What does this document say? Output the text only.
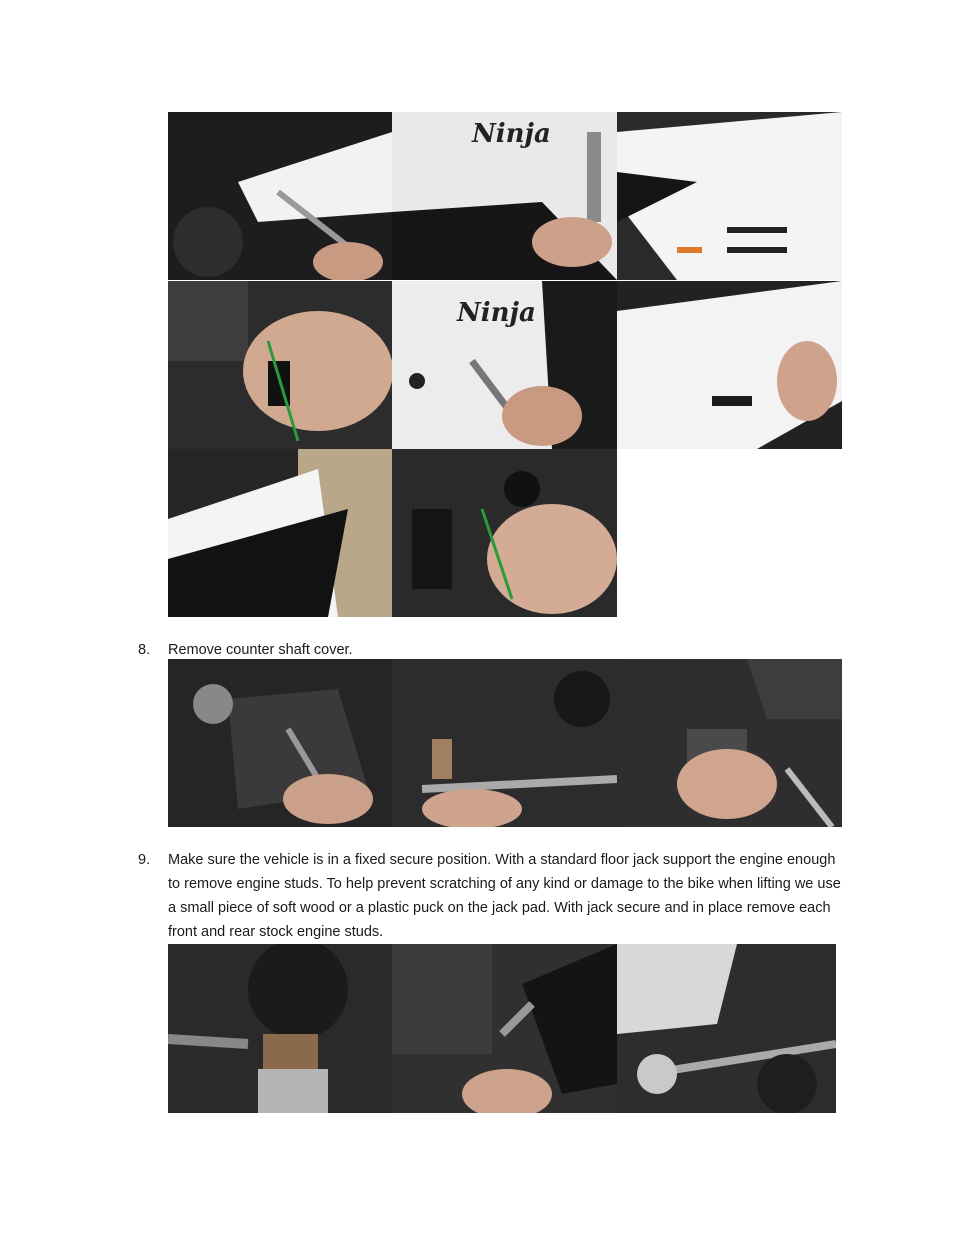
Ninja
Ninja
8.	Remove counter shaft cover.
9.	Make sure the vehicle is in a fixed secure position. With a standard floor jack support the engine enough to remove engine studs. To help prevent scratching of any kind or damage to the bike when lifting we use a small piece of soft wood or a plastic puck on the jack pad. With jack secure and in place remove each front and rear stock engine studs.
